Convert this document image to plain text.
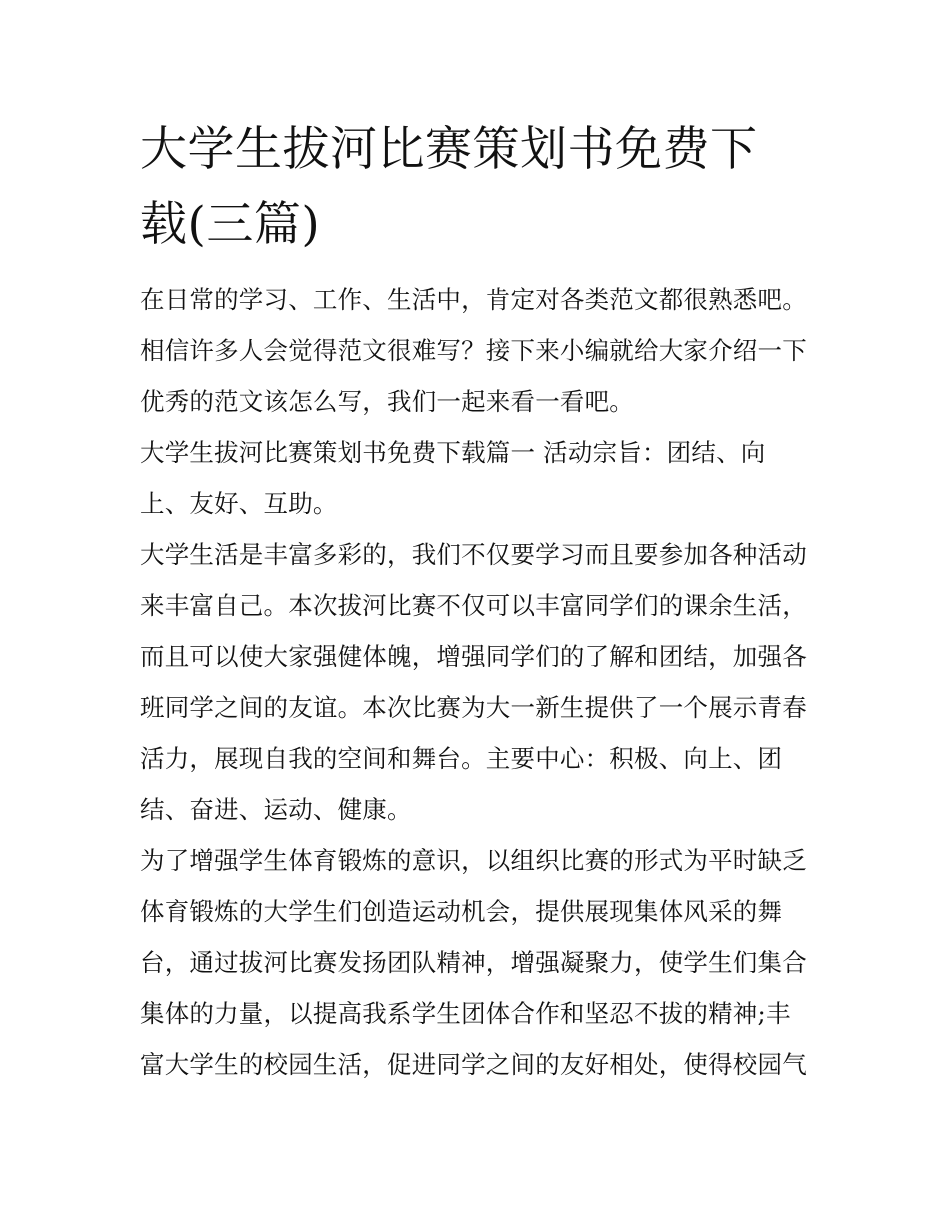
大学生拔河比赛策划书免费下
载(三篇)
在日常的学习、工作、生活中，肯定对各类范文都很熟悉吧。
相信许多人会觉得范文很难写？接下来小编就给大家介绍一下
优秀的范文该怎么写，我们一起来看一看吧。
大学生拔河比赛策划书免费下载篇一 活动宗旨：团结、向
上、友好、互助。
大学生活是丰富多彩的，我们不仅要学习而且要参加各种活动
来丰富自己。本次拔河比赛不仅可以丰富同学们的课余生活，
而且可以使大家强健体魄，增强同学们的了解和团结，加强各
班同学之间的友谊。本次比赛为大一新生提供了一个展示青春
活力，展现自我的空间和舞台。主要中心：积极、向上、团
结、奋进、运动、健康。
为了增强学生体育锻炼的意识，以组织比赛的形式为平时缺乏
体育锻炼的大学生们创造运动机会，提供展现集体风采的舞
台，通过拔河比赛发扬团队精神，增强凝聚力，使学生们集合
集体的力量，以提高我系学生团体合作和坚忍不拔的精神;丰
富大学生的校园生活，促进同学之间的友好相处，使得校园气
